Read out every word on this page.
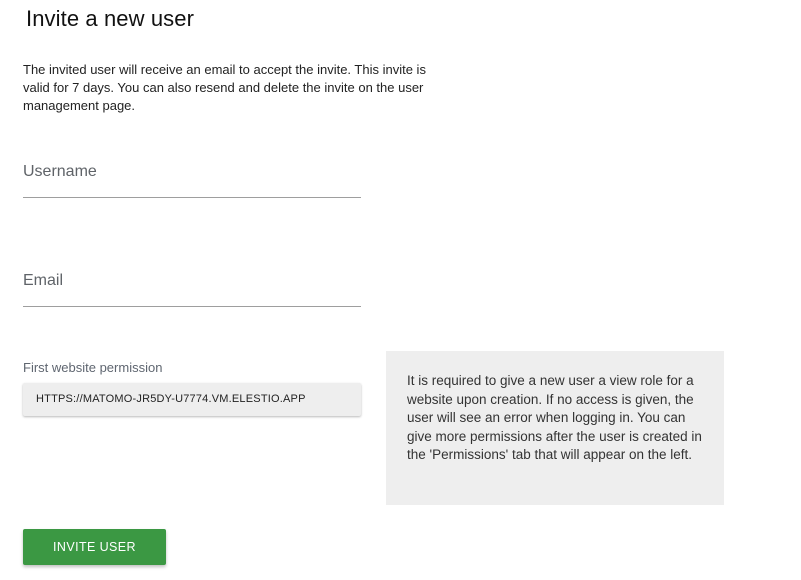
Invite a new user

The invited user will receive an email to accept the invite. This invite is valid for 7 days. You can also resend and delete the invite on the user management page.

Username
Email
First website permission
HTTPS://MATOMO-JR5DY-U7774.VM.ELESTIO.APP
It is required to give a new user a view role for a website upon creation. If no access is given, the user will see an error when logging in. You can give more permissions after the user is created in the 'Permissions' tab that will appear on the left.
INVITE USER
